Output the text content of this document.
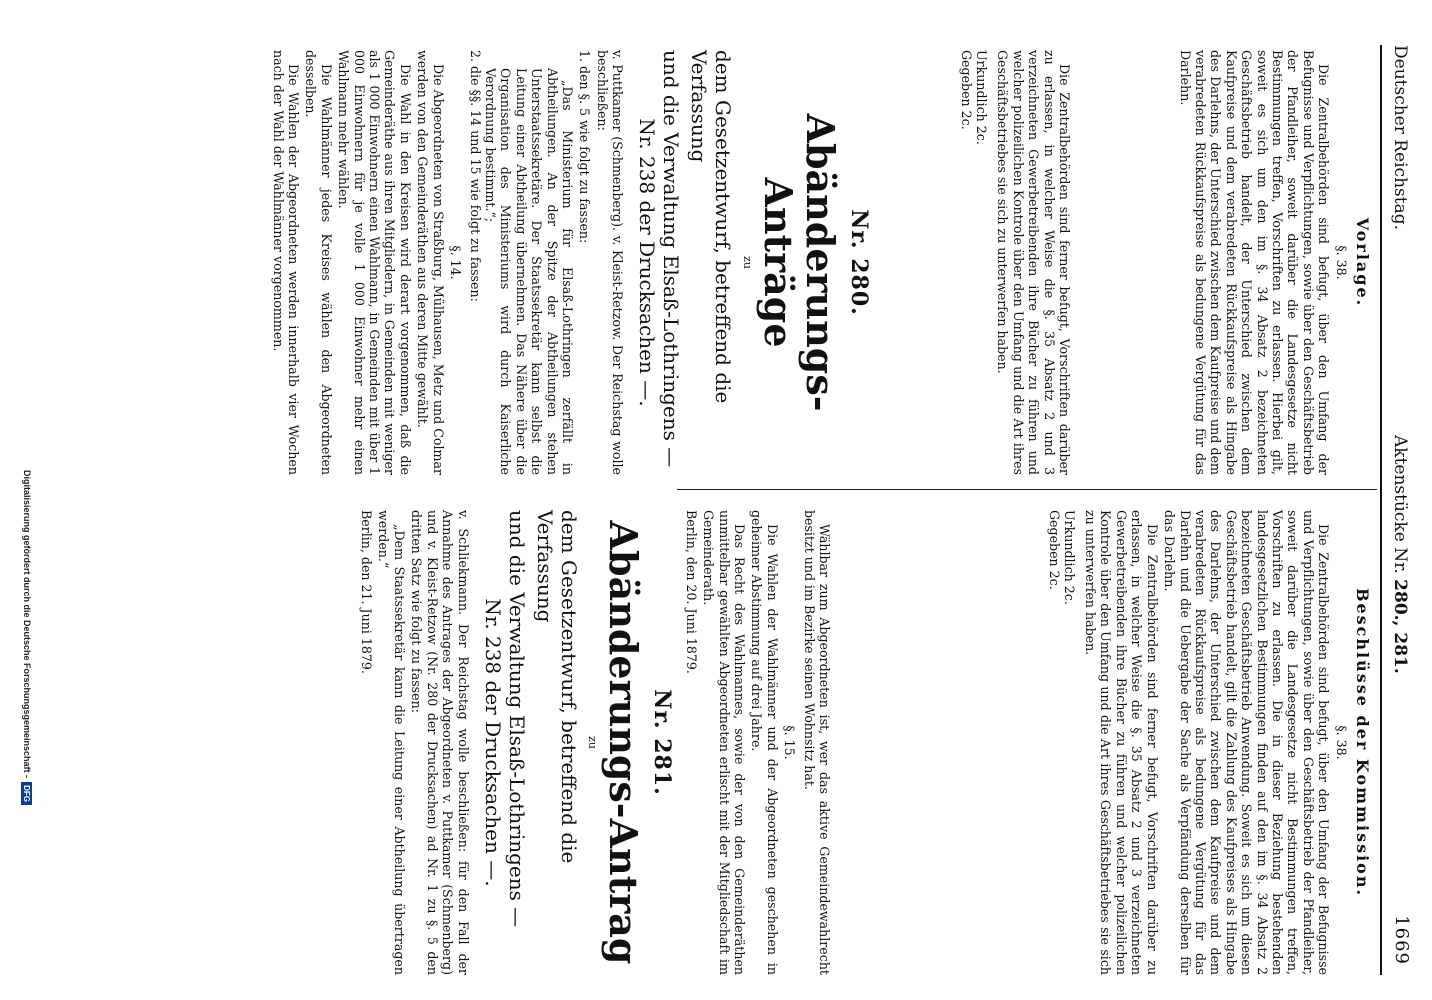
Deutscher Reichstag.
Aktenstücke Nr. 280., 281.
1669
Vorlage.
§. 38.

Die Zentralbehörden sind befugt, über den Umfang der Befugnisse und Verpflichtungen, sowie über den Geschäftsbetrieb der Pfandleiher, soweit darüber die Landesgesetze nicht Bestimmungen treffen, Vorschriften zu erlassen. Hierbei gilt, soweit es sich um den im §. 34 Absatz 2 bezeichneten Geschäftsbetrieb handelt, der Unterschied zwischen dem Kaufpreise und dem verabredeten Rückkaufspreise als Hingabe des Darlehns, der Unterschied zwischen dem Kaufpreise und dem verabredeten Rückkaufspreise als bedungene Vergütung für das Darlehn.

Die Zentralbehörden sind ferner befugt, Vorschriften darüber zu erlassen, in welcher Weise die §. 35 Absatz 2 und 3 verzeichneten Gewerbetreibenden ihre Bücher zu führen und welcher polizeilichen Kontrole über den Umfang und die Art ihres Geschäftsbetriebes sie sich zu unterwerfen haben.

Urkundlich 2c.
Gegeben 2c.
Beschlüsse der Kommission.
§. 38.

Die Zentralbehörden sind befugt, über den Umfang der Befugnisse und Verpflichtungen, sowie über den Geschäftsbetrieb der Pfandleiher, soweit darüber die Landesgesetze nicht Bestimmungen treffen, Vorschriften zu erlassen. Die in dieser Beziehung bestehenden landesgesetzlichen Bestimmungen finden auf den im §. 34 Absatz 2 bezeichneten Geschäftsbetrieb Anwendung. Soweit es sich um diesen Geschäftsbetrieb handelt, gilt die Zahlung des Kaufpreises als Hingabe des Darlehns, der Unterschied zwischen dem Kaufpreise und dem verabredeten Rückkaufspreise als bedungene Vergütung für das Darlehn und die Uebergabe der Sache als Verpfändung derselben für das Darlehn.

Die Zentralbehörden sind ferner befugt, Vorschriften darüber zu erlassen, in welcher Weise die §. 35 Absatz 2 und 3 verzeichneten Gewerbetreibenden ihre Bücher zu führen und welcher polizeilichen Kontrole über den Umfang und die Art ihres Geschäftsbetriebes sie sich zu unterwerfen haben.

Urkundlich 2c.
Gegeben 2c.
Nr. 280.
Abänderungs-Anträge
zu
dem Gesetzentwurf, betreffend die Verfassung
und die Verwaltung Elsaß-Lothringens —
Nr. 238 der Drucksachen —.

v. Puttkamer (Schmenberg). v. Kleist-Retzow. Der Reichstag wolle beschließen:

1. den §. 5 wie folgt zu fassen:

„Das Ministerium für Elsaß-Lothringen zerfällt in Abtheilungen. An der Spitze der Abtheilungen stehen Unterstaatssekretäre. Der Staatssekretär kann selbst die Leitung einer Abtheilung übernehmen. Das Nähere über die Organisation des Ministeriums wird durch Kaiserliche Verordnung bestimmt.“;

2. die §§. 14 und 15 wie folgt zu fassen:
§. 14.

Die Abgeordneten von Straßburg, Mülhausen, Metz und Colmar werden von den Gemeinderäthen aus deren Mitte gewählt.

Die Wahl in den Kreisen wird derart vorgenommen, daß die Gemeinderäthe aus ihren Mitgliedern, in Gemeinden mit weniger als 1 000 Einwohnern einen Wahlmann, in Gemeinden mit über 1 000 Einwohnern für je volle 1 000 Einwohner mehr einen Wahlmann mehr wählen.

Die Wahlmänner jedes Kreises wählen den Abgeordneten desselben.

Die Wahlen der Abgeordneten werden innerhalb vier Wochen nach der Wahl der Wahlmänner vorgenommen.

Wählbar zum Abgeordneten ist, wer das aktive Gemeindewahlrecht besitzt und im Bezirke seinen Wohnsitz hat.

§. 15.

Die Wahlen der Wahlmänner und der Abgeordneten geschehen in geheimer Abstimmung auf drei Jahre.

Das Recht des Wahlmannes, sowie der von den Gemeinderäthen unmittelbar gewählten Abgeordneten erlischt mit der Mitgliedschaft im Gemeinderath.

Berlin, den 20. Juni 1879.

Nr. 281.
Abänderungs-Antrag
zu
dem Gesetzentwurf, betreffend die Verfassung
und die Verwaltung Elsaß-Lothringens —
Nr. 238 der Drucksachen —.

v. Schliekmann. Der Reichstag wolle beschließen: für den Fall der Annahme des Antrages der Abgeordneten v. Puttkamer (Schmenberg) und v. Kleist-Retzow (Nr. 280 der Drucksachen) ad Nr. 1 zu §. 5 den dritten Satz wie folgt zu fassen:

„Dem Staatssekretär kann die Leitung einer Abtheilung übertragen werden.“

Berlin, den 21. Juni 1879.

Digitalisierung gefördert durch die Deutsche Forschungsgemeinschaft -DFG
